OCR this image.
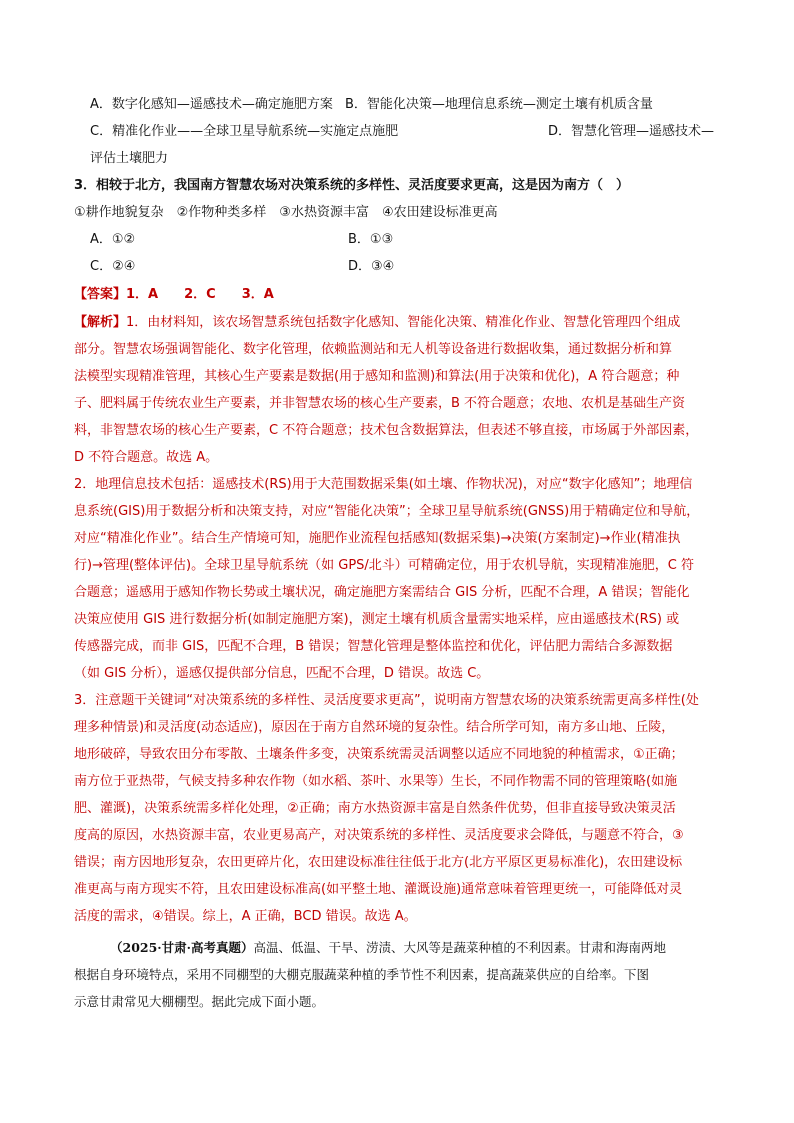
A．数字化感知—遥感技术—确定施肥方案 B．智能化决策—地理信息系统—测定土壤有机质含量
C．精准化作业——全球卫星导航系统—实施定点施肥	D．智慧化管理—遥感技术—
评估土壤肥力
3．相较于北方，我国南方智慧农场对决策系统的多样性、灵活度要求更高，这是因为南方（　）
①耕作地貌复杂　②作物种类多样　③水热资源丰富　④农田建设标准更高
A．①②	B．①③
C．②④	D．③④
【答案】1．A　　2．C　　3．A
【解析】1．由材料知，该农场智慧系统包括数字化感知、智能化决策、精准化作业、智慧化管理四个组成
部分。智慧农场强调智能化、数字化管理，依赖监测站和无人机等设备进行数据收集，通过数据分析和算
法模型实现精准管理，其核心生产要素是数据(用于感知和监测)和算法(用于决策和优化)，A 符合题意；种
子、肥料属于传统农业生产要素，并非智慧农场的核心生产要素，B 不符合题意；农地、农机是基础生产资
料，非智慧农场的核心生产要素，C 不符合题意；技术包含数据算法，但表述不够直接，市场属于外部因素，
D 不符合题意。故选 A。
2．地理信息技术包括：遥感技术(RS)用于大范围数据采集(如土壤、作物状况)，对应“数字化感知”；地理信
息系统(GIS)用于数据分析和决策支持，对应“智能化决策”；全球卫星导航系统(GNSS)用于精确定位和导航，
对应“精准化作业”。结合生产情境可知，施肥作业流程包括感知(数据采集)→决策(方案制定)→作业(精准执
行)→管理(整体评估)。全球卫星导航系统（如 GPS/北斗）可精确定位，用于农机导航，实现精准施肥，C 符
合题意；遥感用于感知作物长势或土壤状况，确定施肥方案需结合 GIS 分析，匹配不合理，A 错误；智能化
决策应使用 GIS 进行数据分析(如制定施肥方案)，测定土壤有机质含量需实地采样，应由遥感技术(RS) 或
传感器完成，而非 GIS，匹配不合理，B 错误；智慧化管理是整体监控和优化，评估肥力需结合多源数据
（如 GIS 分析），遥感仅提供部分信息，匹配不合理，D 错误。故选 C。
3．注意题干关键词“对决策系统的多样性、灵活度要求更高”，说明南方智慧农场的决策系统需更高多样性(处
理多种情景)和灵活度(动态适应)，原因在于南方自然环境的复杂性。结合所学可知，南方多山地、丘陵，
地形破碎，导致农田分布零散、土壤条件多变，决策系统需灵活调整以适应不同地貌的种植需求，①正确；
南方位于亚热带，气候支持多种农作物（如水稻、茶叶、水果等）生长，不同作物需不同的管理策略(如施
肥、灌溉)，决策系统需多样化处理，②正确；南方水热资源丰富是自然条件优势，但非直接导致决策灵活
度高的原因，水热资源丰富，农业更易高产，对决策系统的多样性、灵活度要求会降低，与题意不符合，③
错误；南方因地形复杂，农田更碎片化，农田建设标准往往低于北方(北方平原区更易标准化)，农田建设标
准更高与南方现实不符，且农田建设标准高(如平整土地、灌溉设施)通常意味着管理更统一，可能降低对灵
活度的需求，④错误。综上，A 正确，BCD 错误。故选 A。
（2025·甘肃·高考真题）高温、低温、干旱、涝渍、大风等是蔬菜种植的不利因素。甘肃和海南两地
根据自身环境特点，采用不同棚型的大棚克服蔬菜种植的季节性不利因素，提高蔬菜供应的自给率。下图
示意甘肃常见大棚棚型。据此完成下面小题。
